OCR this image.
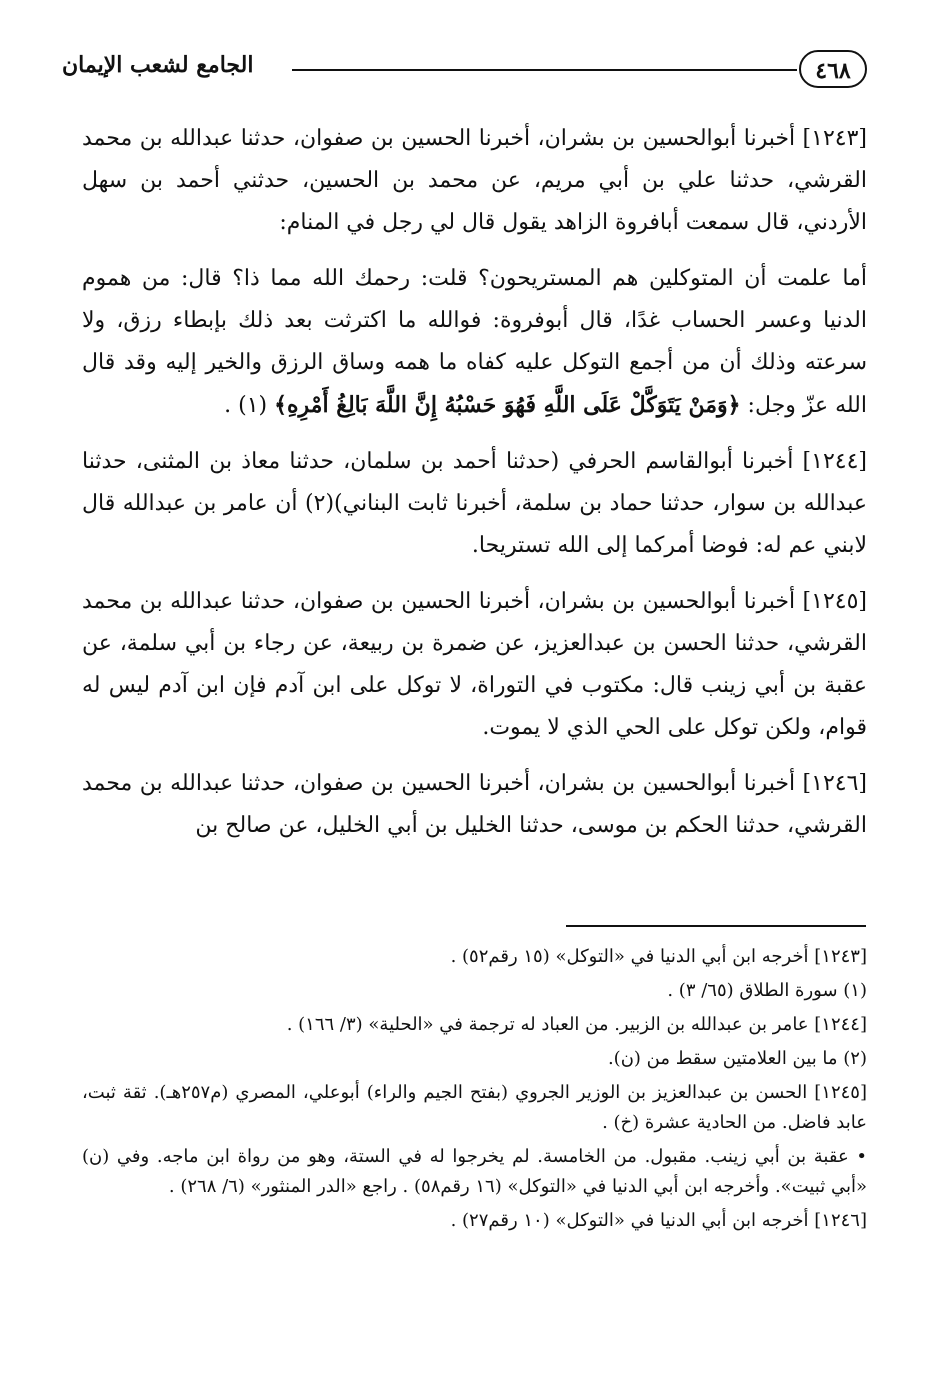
٤٦٨
الجامع لشعب الإيمان

[١٢٤٣] أخبرنا أبوالحسين بن بشران، أخبرنا الحسين بن صفوان، حدثنا عبدالله بن محمد القرشي، حدثنا علي بن أبي مريم، عن محمد بن الحسين، حدثني أحمد بن سهل الأردني، قال سمعت أبافروة الزاهد يقول قال لي رجل في المنام:

أما علمت أن المتوكلين هم المستريحون؟ قلت: رحمك الله مما ذا؟ قال: من هموم الدنيا وعسر الحساب غدًا، قال أبوفروة: فوالله ما اكترثت بعد ذلك بإبطاء رزق، ولا سرعته وذلك أن من أجمع التوكل عليه كفاه ما همه وساق الرزق والخير إليه وقد قال الله عزّ وجل: ﴿وَمَنْ يَتَوَكَّلْ عَلَى اللَّهِ فَهُوَ حَسْبُهُ إِنَّ اللَّهَ بَالِغُ أَمْرِهِ﴾ (١) .

[١٢٤٤] أخبرنا أبوالقاسم الحرفي (حدثنا أحمد بن سلمان، حدثنا معاذ بن المثنى، حدثنا عبدالله بن سوار، حدثنا حماد بن سلمة، أخبرنا ثابت البناني)(٢) أن عامر بن عبدالله قال لابني عم له: فوضا أمركما إلى الله تستريحا.

[١٢٤٥] أخبرنا أبوالحسين بن بشران، أخبرنا الحسين بن صفوان، حدثنا عبدالله بن محمد القرشي، حدثنا الحسن بن عبدالعزيز، عن ضمرة بن ربيعة، عن رجاء بن أبي سلمة، عن عقبة بن أبي زينب قال: مكتوب في التوراة، لا توكل على ابن آدم فإن ابن آدم ليس له قوام، ولكن توكل على الحي الذي لا يموت.

[١٢٤٦] أخبرنا أبوالحسين بن بشران، أخبرنا الحسين بن صفوان، حدثنا عبدالله بن محمد القرشي، حدثنا الحكم بن موسى، حدثنا الخليل بن أبي الخليل، عن صالح بن

[١٢٤٣] أخرجه ابن أبي الدنيا في «التوكل» (١٥ رقم٥٢) .

(١) سورة الطلاق (٦٥/ ٣) .

[١٢٤٤] عامر بن عبدالله بن الزبير. من العباد له ترجمة في «الحلية» (٣/ ١٦٦) .

(٢) ما بين العلامتين سقط من (ن).

[١٢٤٥] الحسن بن عبدالعزيز بن الوزير الجروي (بفتح الجيم والراء) أبوعلي، المصري (م٢٥٧هـ). ثقة ثبت، عابد فاضل. من الحادية عشرة (خ) .

• عقبة بن أبي زينب. مقبول. من الخامسة. لم يخرجوا له في الستة، وهو من رواة ابن ماجه. وفي (ن) «أبي ثبيت». وأخرجه ابن أبي الدنيا في «التوكل» (١٦ رقم٥٨) . راجع «الدر المنثور» (٦/ ٢٦٨) .

[١٢٤٦] أخرجه ابن أبي الدنيا في «التوكل» (١٠ رقم٢٧) .
